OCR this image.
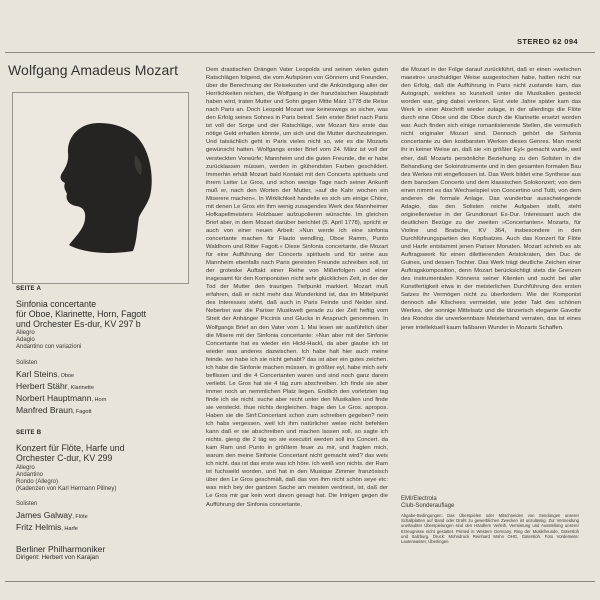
STEREO 62 094
Wolfgang Amadeus Mozart
SEITE A
Sinfonia concertante
für Oboe, Klarinette, Horn, Fagott
und Orchester Es-dur, KV 297 b
Allegro
Adagio
Andantino con variazioni
Solisten
Karl Steins, Oboe
Herbert Stähr, Klarinette
Norbert Hauptmann, Horn
Manfred Braun, Fagott
SEITE B
Konzert für Flöte, Harfe und
Orchester C-dur, KV 299
Allegro
Andantino
Rondo (Allegro)
(Kadenzen von Karl Hermann Pillney)
Solisten
James Galway, Flöte
Fritz Helmis, Harfe
Berliner Philharmoniker
Dirigent: Herbert von Karajan
Dem drastischen Drängen Vater Leopolds und seinen vielen guten Ratschlägen folgend, die vom Aufspüren von Gönnern und Freunden, über die Berechnung der Reisekosten und die Ankündigung aller der Herrlichkeiten reichen, die Wolfgang in der französischen Hauptstadt haben wird, traten Mutter und Sohn gegen Mitte März 1778 die Reise nach Paris an. Doch Leopold Mozart war keineswegs so sicher, was den Erfolg seines Sohnes in Paris betraf. Sein erster Brief nach Paris ist voll der Sorge und der Ratschläge, wie Mozart fürs erste das nötige Geld erhalten könnte, um sich und die Mutter durchzubringen. Und tatsächlich geht in Paris vieles nicht so, wie es die Mozarts gewünscht hatten. Wolfgangs erster Brief vom 24. März ist voll der versteckten Vorwürfe; Mannheim und die guten Freunde, die er habe zurücklassen müssen, werden in glühendsten Farben geschildert. Immerhin erhält Mozart bald Kontakt mit den Concerts spirituels und ihrem Leiter Le Gros, und schon wenige Tage nach seiner Ankunft muß er, nach den Worten der Mutter, »auf die Kahr wochen ein Miserere machen«. In Wirklichkeit handelte es sich um einige Chöre, mit denen Le Gros ein ihm wenig zusagendes Werk des Mannheimer Hofkapellmeisters Holzbauer aufzupolieren wünschte. Im gleichen Brief aber, in dem Mozart darüber berichtet (5. April 1778), spricht er auch von einer neuen Arbeit: »Nun werde ich eine sinfonia concertante machen für Flauto wendling, Oboe Ramm, Punto Waldhorn und Ritter Fagott.« Diese Sinfonia concertante, die Mozart für eine Aufführung der Concerts spirituels und für seine aus Mannheim ebenfalls nach Paris gereisten Freunde schreiben soll, ist der groteske Auftakt einer Reihe von Mißerfolgen und einer insgesamt für den Komponisten nicht sehr glücklichen Zeit, in der der Tod der Mutter den traurigen Tiefpunkt markiert. Mozart muß erfahren, daß er nicht mehr das Wunderkind ist, das im Mittelpunkt des Interesses steht, daß auch in Paris Feinde und Neider sind. Neberbei war die Pariser Musikwelt gerade zu der Zeit heftig vom Streit der Anhänger Piccinis und Glucks in Anspruch genommen. In Wolfgangs Brief an den Vater vom 1. Mai lesen wir ausführlich über die Misere mit der Sinfonia concertante: »Nun aber mit der Sinfonie Concertante hat es wieder ein Hickl-Hackl, da aber glaube ich ist wieder was anderes dazwischen. Ich habe halt hier auch meine feinde. wo habe ich sie nicht gehabt? das ist aber ein gutes zeichen. ich habe die Sinfonie machen müssen, in größter eyl, habe mich sehr beflissen und die 4 Concertanten waren und sind noch ganz darein verliebt. Le Gros hat sie 4 täg zum abschreiben. Ich finde sie aber immer noch an nemmlichen Platz liegen. Endlich den vorletzten tag finde ich sie nicht. suche aber recht unter den Musikalien und finde sie versteckt. thue nichts dergleichen. frage den Le Gros. apropos. Haben sie die Sinf:Concertant schon zum schreiben gegeben? nein ich habs vergessen. weil ich ihm natürlicher weise nicht befehlen kann daß er sie abschreiben und machen lassen soll, so sagte ich nichts. gieng die 2 täg wo sie executirt werden soll ins Concert. da kam Ram und Punto in größtem feuer zu mir, und fragten mich, warum den meine Sinfonie Concertant nicht gemacht wird? das weis ich nicht. das ist das erste was ich höre. ich weiß von nichts. der Ram ist fuchswild worden, und hat in den Musique Zimmer französisch über den Le Gros geschmält, daß das von ihm nicht schön seye etc: was mich bey der gantzen Sache am meisten verdriest, ist, daß der Le Gros mir gar kein wort davon gesagt hat. Die Intrigen gegen die Aufführung der Sinfonia concertante,
die Mozart in der Folge darauf zurückführt, daß er einen »welschen maestro« unschuldiger Weise ausgestochen habe, hatten nicht nur den Erfolg, daß die Aufführung in Paris nicht zustande kam, das Autograph, welches so kunstvoll unter die Musikalien gesteckt worden war, ging dabei verloren. Erst viele Jahre später kam das Werk in einer Abschrift wieder zutage, in der allerdings die Flöte durch eine Oboe und die Oboe durch die Klarinette ersetzt worden war. Auch finden sich einige romantisierende Stellen, die vermutlich nicht originaler Mozart sind. Dennoch gehört die Sinfonia concertante zu den kostbarsten Werken dieses Genres. Man merkt ihr in keiner Weise an, daß sie »in größter Eyl« gemacht wurde, weil eher, daß Mozarts persönliche Beziehung zu den Solisten in die Behandlung der Soloinstrumente und in den gesamten formalen Bau des Werkes mit eingeflossen ist. Das Werk bildet eine Synthese aus dem barocken Concerto und dem klassischen Solokonzert; von dem einen nimmt es das Wechselspiel von Concertino und Tutti, von dem anderen die formale Anlage. Das wunderbar ausschwingende Adagio, das den Solisten reiche Aufgaben stellt, steht originellerweise in der Grundtonart Es-Dur. Interessant auch die deutlichen Bezüge zu der zweiten »Concertanten« Mozarts, für Violine und Bratsche, KV 364, insbesondere in den Durchführungspartien des Kopfsatzes. Auch das Konzert für Flöte und Harfe entstammt jenen Pariser Monaten. Mozart schrieb es als Auftragswerk für einen dilettierenden Aristokraten, den Duc de Guines, und dessen Tochter. Das Werk trägt deutliche Zeichen einer Auftragskomposition, denn Mozart berücksichtigt stets die Grenzen des instrumentalen Könnens seiner Klienten und sucht bei aller Kunstfertigkeit etwa in der meisterlichen Durchführung des ersten Satzes ihr Vermögen nicht zu überfordern. Wie der Komponist dennoch alle Klischees vermeidet, wie jeder Takt des schönen Werkes, der sonnige Mittelsatz und die tänzerisch elegante Gavotte des Rondos die unverkennbare Meisterhand verraten, das ist eines jener intellektuell kaum faßbaren Wunder in Mozarts Schaffen.
EMI/Electrola
Club-Sonderauflage
Abgabe-Bedingungen: Das Überspielen oder Mitschneiden von Sendungen unserer Schallplatten auf Band oder Draht zu gewerblichen Zwecken ist unzulässig. Zur Vermeidung unerlaubter Überspielungen sind den Händlern Verleih, Vermietung und Ausstellung unserer Erzeugnisse nicht gestattet. Printed in Western Germany. Ring der Musikfreunde, Gütersloh und Salzburg. Druck: Mohndruck Reinhard Mohn OHG, Gütersloh. Foto Vorderseite: Lauterwasser, Überlingen
